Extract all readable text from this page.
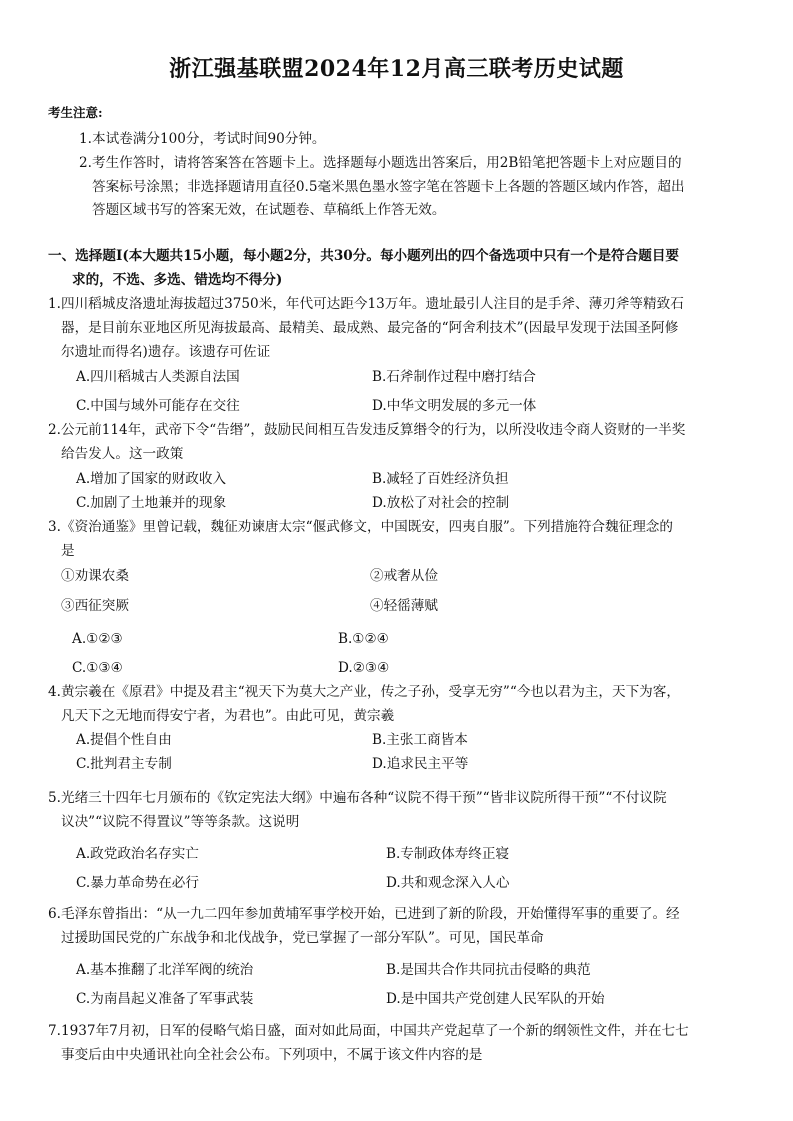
浙江强基联盟2024年12月高三联考历史试题
考生注意:
1.本试卷满分100分，考试时间90分钟。
2.考生作答时，请将答案答在答题卡上。选择题每小题选出答案后，用2B铅笔把答题卡上对应题目的
答案标号涂黑；非选择题请用直径0.5毫米黑色墨水签字笔在答题卡上各题的答题区域内作答，超出
答题区域书写的答案无效，在试题卷、草稿纸上作答无效。
一、选择题Ⅰ(本大题共15小题，每小题2分，共30分。每小题列出的四个备选项中只有一个是符合题目要
求的，不选、多选、错选均不得分)
1.四川稻城皮洛遗址海拔超过3750米，年代可达距今13万年。遗址最引人注目的是手斧、薄刃斧等精致石
器，是目前东亚地区所见海拔最高、最精美、最成熟、最完备的“阿舍利技术”(因最早发现于法国圣阿修
尔遗址而得名)遗存。该遗存可佐证
A.四川稻城古人类源自法国	B.石斧制作过程中磨打结合
C.中国与域外可能存在交往	D.中华文明发展的多元一体
2.公元前114年，武帝下令“告缗”，鼓励民间相互告发违反算缗令的行为，以所没收违令商人资财的一半奖
给告发人。这一政策
A.增加了国家的财政收入	B.减轻了百姓经济负担
C.加剧了土地兼并的现象	D.放松了对社会的控制
3.《资治通鉴》里曾记载，魏征劝谏唐太宗“偃武修文，中国既安，四夷自服”。下列措施符合魏征理念的
是
①劝课农桑	②戒奢从俭
③西征突厥	④轻徭薄赋
A.①②③	B.①②④
C.①③④	D.②③④
4.黄宗羲在《原君》中提及君主“视天下为莫大之产业，传之子孙，受享无穷”“今也以君为主，天下为客，
凡天下之无地而得安宁者，为君也”。由此可见，黄宗羲
A.提倡个性自由	B.主张工商皆本
C.批判君主专制	D.追求民主平等
5.光绪三十四年七月颁布的《钦定宪法大纲》中遍布各种“议院不得干预”“皆非议院所得干预”“不付议院
议决”“议院不得置议”等等条款。这说明
A.政党政治名存实亡	B.专制政体寿终正寝
C.暴力革命势在必行	D.共和观念深入人心
6.毛泽东曾指出：“从一九二四年参加黄埔军事学校开始，已进到了新的阶段，开始懂得军事的重要了。经
过援助国民党的广东战争和北伐战争，党已掌握了一部分军队”。可见，国民革命
A.基本推翻了北洋军阀的统治	B.是国共合作共同抗击侵略的典范
C.为南昌起义准备了军事武装	D.是中国共产党创建人民军队的开始
7.1937年7月初，日军的侵略气焰日盛，面对如此局面，中国共产党起草了一个新的纲领性文件，并在七七
事变后由中央通讯社向全社会公布。下列项中，不属于该文件内容的是
